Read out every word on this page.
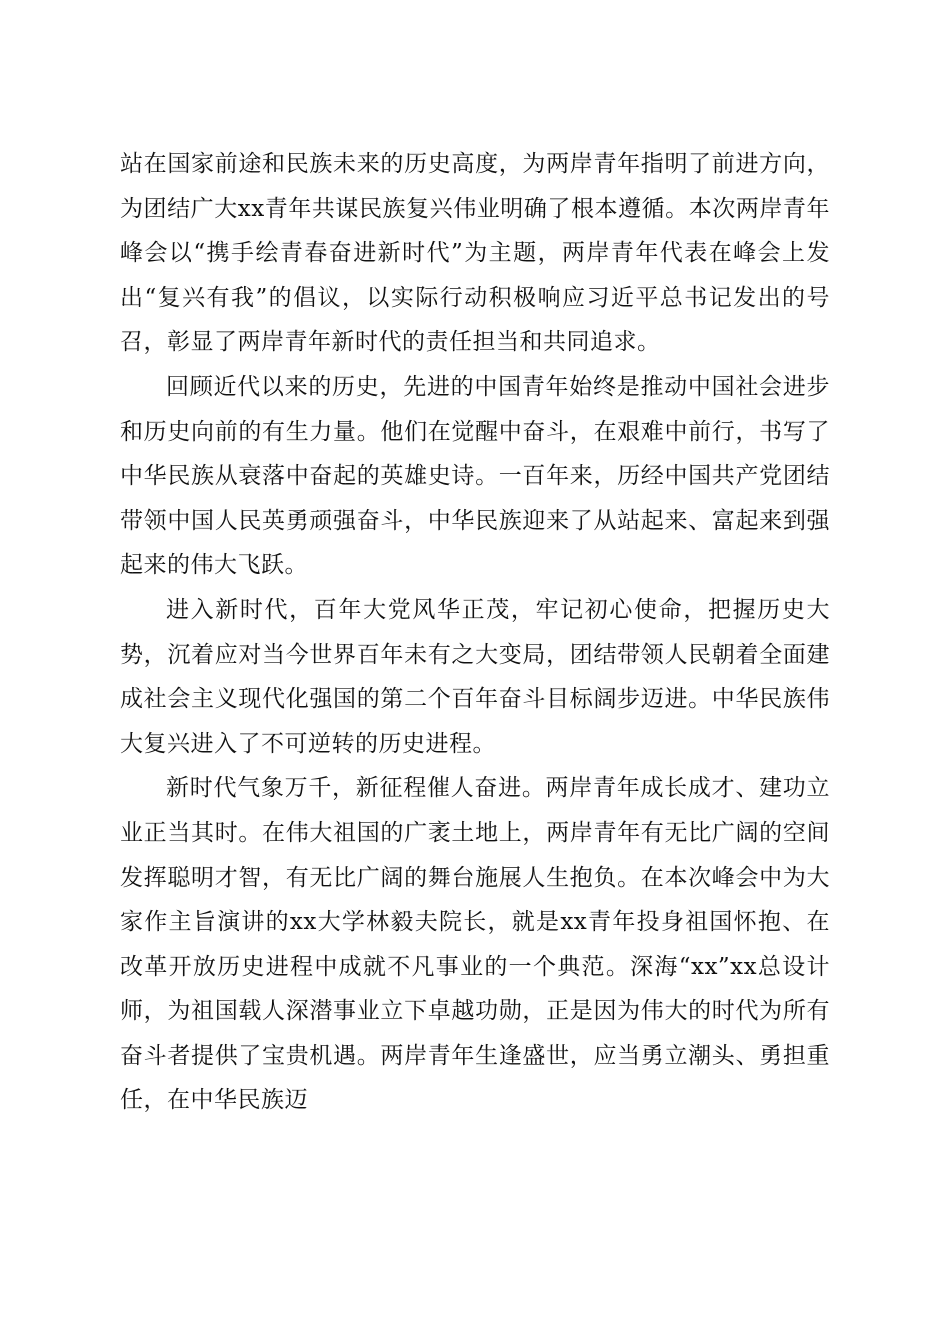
站在国家前途和民族未来的历史高度，为两岸青年指明了前进方向，为团结广大xx青年共谋民族复兴伟业明确了根本遵循。本次两岸青年峰会以“携手绘青春奋进新时代”为主题，两岸青年代表在峰会上发出“复兴有我”的倡议，以实际行动积极响应习近平总书记发出的号召，彰显了两岸青年新时代的责任担当和共同追求。

回顾近代以来的历史，先进的中国青年始终是推动中国社会进步和历史向前的有生力量。他们在觉醒中奋斗，在艰难中前行，书写了中华民族从衰落中奋起的英雄史诗。一百年来，历经中国共产党团结带领中国人民英勇顽强奋斗，中华民族迎来了从站起来、富起来到强起来的伟大飞跃。

进入新时代，百年大党风华正茂，牢记初心使命，把握历史大势，沉着应对当今世界百年未有之大变局，团结带领人民朝着全面建成社会主义现代化强国的第二个百年奋斗目标阔步迈进。中华民族伟大复兴进入了不可逆转的历史进程。

新时代气象万千，新征程催人奋进。两岸青年成长成才、建功立业正当其时。在伟大祖国的广袤土地上，两岸青年有无比广阔的空间发挥聪明才智，有无比广阔的舞台施展人生抱负。在本次峰会中为大家作主旨演讲的xx大学林毅夫院长，就是xx青年投身祖国怀抱、在改革开放历史进程中成就不凡事业的一个典范。深海“xx”xx总设计师，为祖国载人深潜事业立下卓越功勋，正是因为伟大的时代为所有奋斗者提供了宝贵机遇。两岸青年生逢盛世，应当勇立潮头、勇担重任，在中华民族迈
